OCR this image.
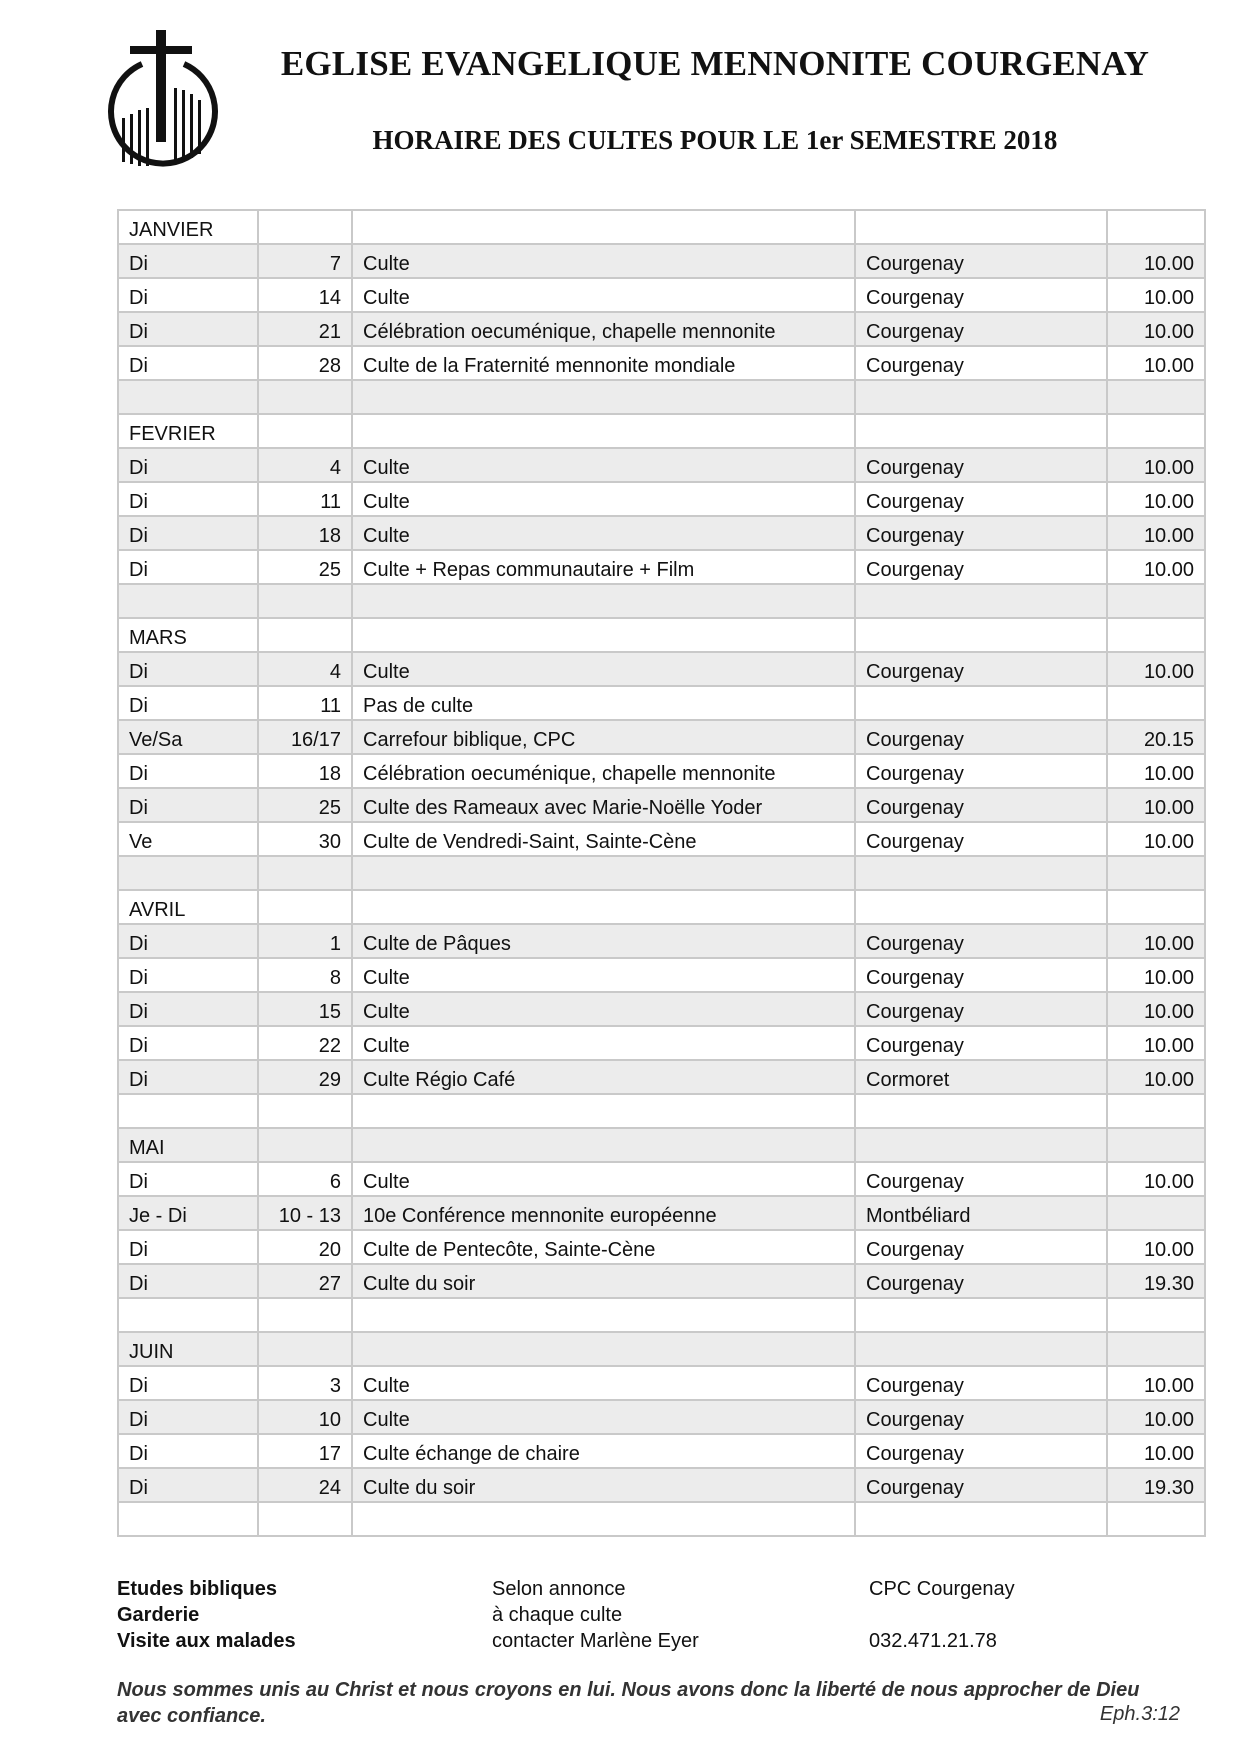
EGLISE EVANGELIQUE MENNONITE COURGENAY
HORAIRE DES CULTES POUR LE 1er SEMESTRE 2018
JANVIER				
Di	7	Culte	Courgenay	10.00
Di	14	Culte	Courgenay	10.00
Di	21	Célébration oecuménique, chapelle mennonite	Courgenay	10.00
Di	28	Culte de la Fraternité mennonite mondiale	Courgenay	10.00

FEVRIER				
Di	4	Culte	Courgenay	10.00
Di	11	Culte	Courgenay	10.00
Di	18	Culte	Courgenay	10.00
Di	25	Culte + Repas communautaire + Film	Courgenay	10.00

MARS				
Di	4	Culte	Courgenay	10.00
Di	11	Pas de culte		
Ve/Sa	16/17	Carrefour biblique, CPC	Courgenay	20.15
Di	18	Célébration oecuménique, chapelle mennonite	Courgenay	10.00
Di	25	Culte des Rameaux avec Marie-Noëlle Yoder	Courgenay	10.00
Ve	30	Culte de Vendredi-Saint, Sainte-Cène	Courgenay	10.00

AVRIL				
Di	1	Culte de Pâques	Courgenay	10.00
Di	8	Culte	Courgenay	10.00
Di	15	Culte	Courgenay	10.00
Di	22	Culte	Courgenay	10.00
Di	29	Culte Régio Café	Cormoret	10.00

MAI				
Di	6	Culte	Courgenay	10.00
Je - Di	10 - 13	10e Conférence mennonite européenne	Montbéliard	
Di	20	Culte de Pentecôte, Sainte-Cène	Courgenay	10.00
Di	27	Culte du soir	Courgenay	19.30

JUIN				
Di	3	Culte	Courgenay	10.00
Di	10	Culte	Courgenay	10.00
Di	17	Culte échange de chaire	Courgenay	10.00
Di	24	Culte du soir	Courgenay	19.30

Etudes bibliques	Selon annonce	CPC Courgenay
Garderie	à chaque culte
Visite aux malades	contacter Marlène Eyer	032.471.21.78
Nous sommes unis au Christ et nous croyons en lui. Nous avons donc la liberté de nous approcher de Dieu avec confiance.	Eph.3:12
